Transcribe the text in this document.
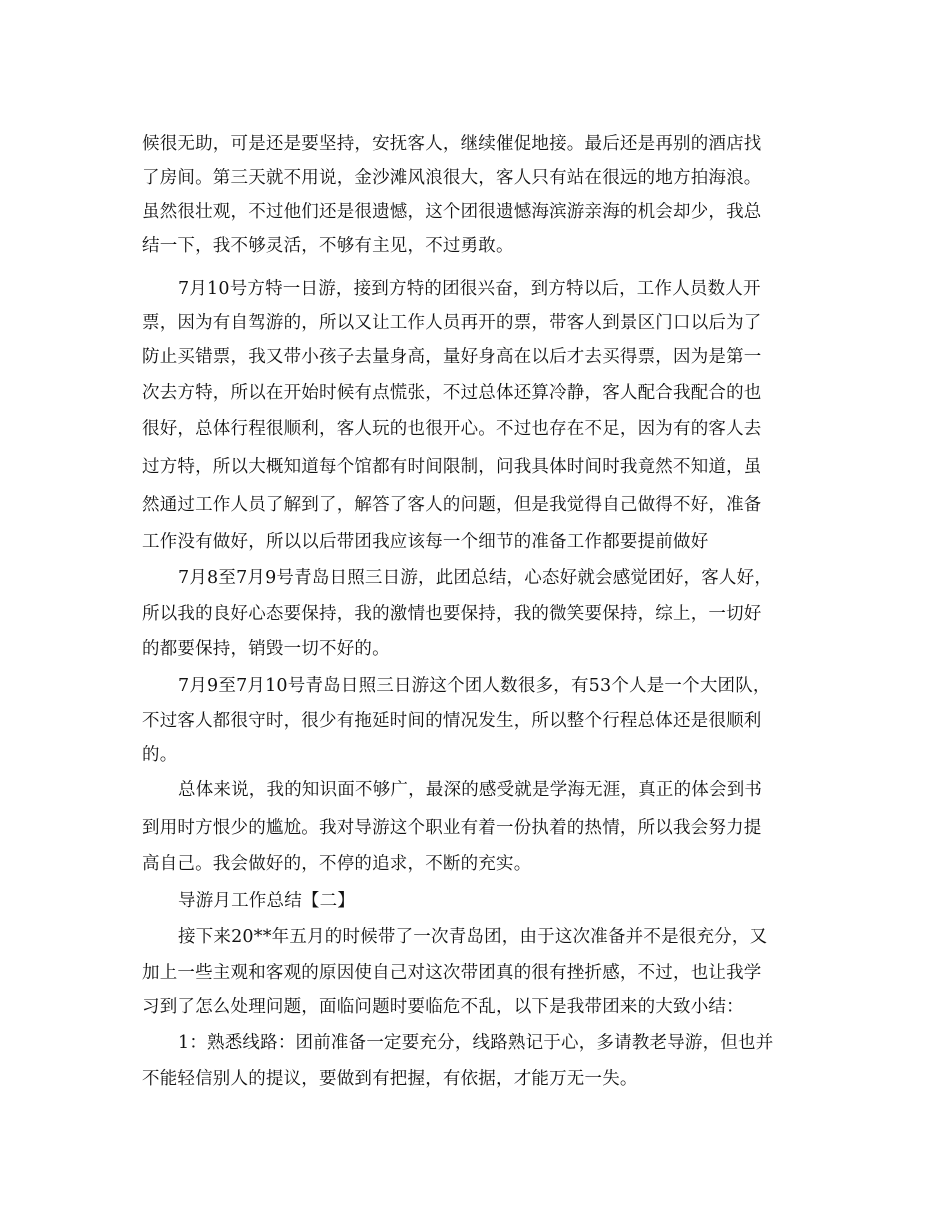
候很无助，可是还是要坚持，安抚客人，继续催促地接。最后还是再别的酒店找
了房间。第三天就不用说，金沙滩风浪很大，客人只有站在很远的地方拍海浪。
虽然很壮观，不过他们还是很遗憾，这个团很遗憾海滨游亲海的机会却少，我总
结一下，我不够灵活，不够有主见，不过勇敢。
7月10号方特一日游，接到方特的团很兴奋，到方特以后，工作人员数人开
票，因为有自驾游的，所以又让工作人员再开的票，带客人到景区门口以后为了
防止买错票，我又带小孩子去量身高，量好身高在以后才去买得票，因为是第一
次去方特，所以在开始时候有点慌张，不过总体还算冷静，客人配合我配合的也
很好，总体行程很顺利，客人玩的也很开心。不过也存在不足，因为有的客人去
过方特，所以大概知道每个馆都有时间限制，问我具体时间时我竟然不知道，虽
然通过工作人员了解到了，解答了客人的问题，但是我觉得自己做得不好，准备
工作没有做好，所以以后带团我应该每一个细节的准备工作都要提前做好
7月8至7月9号青岛日照三日游，此团总结，心态好就会感觉团好，客人好，
所以我的良好心态要保持，我的激情也要保持，我的微笑要保持，综上，一切好
的都要保持，销毁一切不好的。
7月9至7月10号青岛日照三日游这个团人数很多，有53个人是一个大团队，
不过客人都很守时，很少有拖延时间的情况发生，所以整个行程总体还是很顺利
的。
总体来说，我的知识面不够广，最深的感受就是学海无涯，真正的体会到书
到用时方恨少的尴尬。我对导游这个职业有着一份执着的热情，所以我会努力提
高自己。我会做好的，不停的追求，不断的充实。
导游月工作总结【二】
接下来20**年五月的时候带了一次青岛团，由于这次准备并不是很充分，又
加上一些主观和客观的原因使自己对这次带团真的很有挫折感，不过，也让我学
习到了怎么处理问题，面临问题时要临危不乱，以下是我带团来的大致小结：
1：熟悉线路：团前准备一定要充分，线路熟记于心，多请教老导游，但也并
不能轻信别人的提议，要做到有把握，有依据，才能万无一失。
